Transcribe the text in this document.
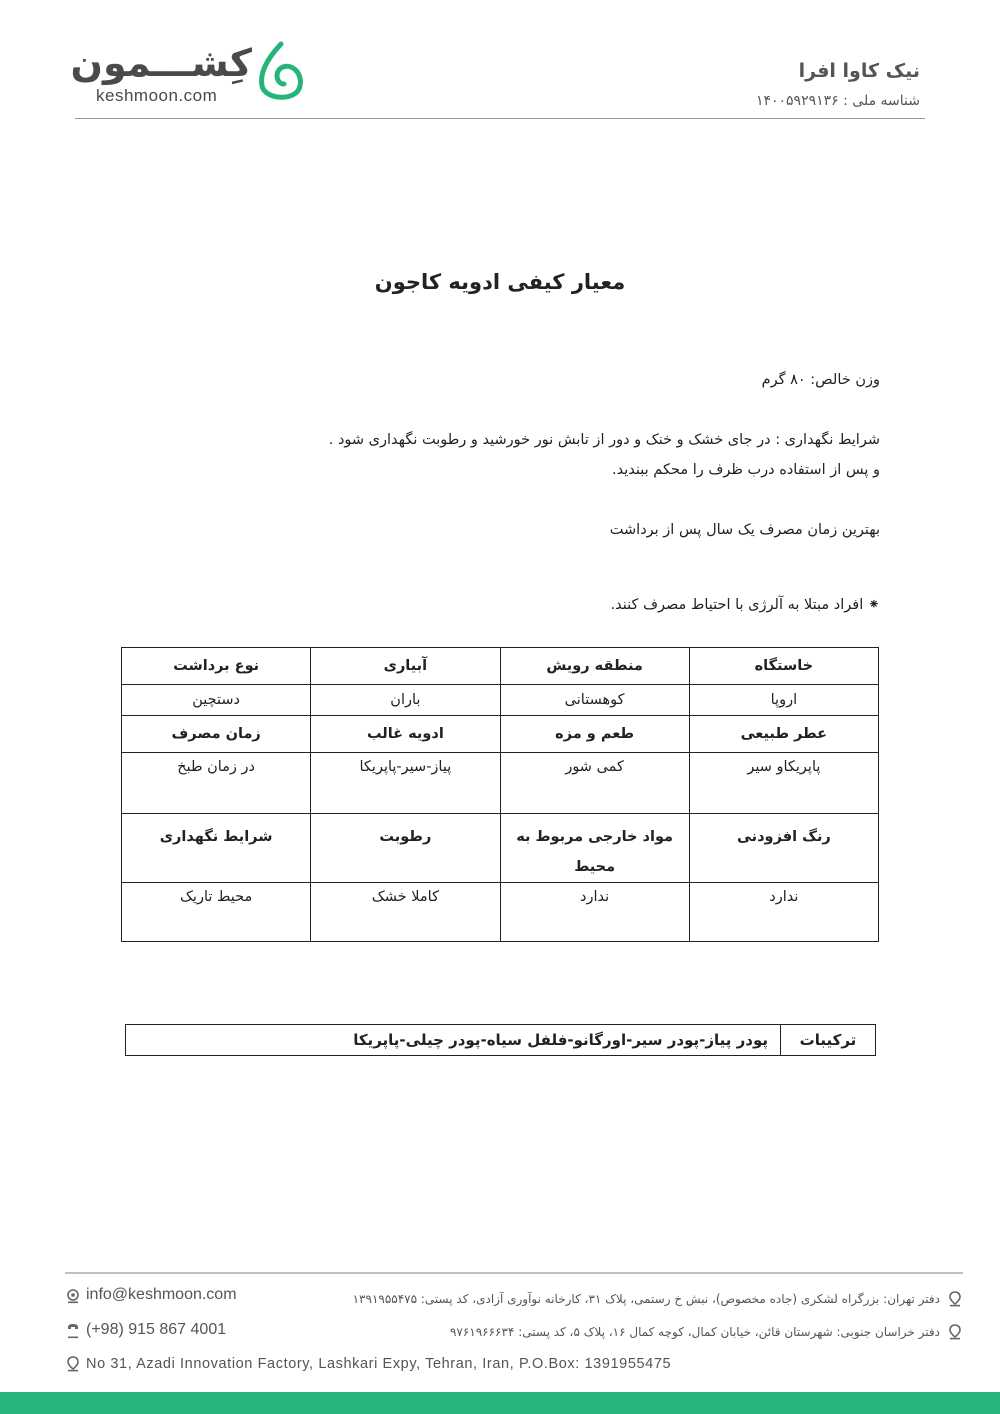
کِشـــمون
keshmoon.com
نیک کاوا افرا
شناسه ملی : ۱۴۰۰۵۹۲۹۱۳۶
معیار کیفی ادویه کاجون
وزن خالص: ۸۰ گرم
شرایط نگهداری : در جای خشک و خنک و دور از تابش نور خورشید و رطوبت نگهداری شود .
و پس از استفاده درب ظرف را محکم ببندید.
بهترین زمان مصرف یک سال پس از برداشت
⁕ افراد مبتلا به آلرژی با احتیاط مصرف کنند.
خاستگاه	منطقه رویش	آبیاری	نوع برداشت
اروپا	کوهستانی	باران	دستچین
عطر طبیعی	طعم و مزه	ادویه غالب	زمان مصرف
پاپریکاو سیر	کمی شور	پیاز-سیر-پاپریکا	در زمان طبخ
رنگ افزودنی	مواد خارجی مربوط به محیط	رطوبت	شرایط نگهداری
ندارد	ندارد	کاملا خشک	محیط تاریک
ترکیبات	پودر پیاز-پودر سیر-اورگانو-فلفل سیاه-پودر چیلی-پاپریکا
info@keshmoon.com
(+98) 915 867 4001
No 31, Azadi Innovation Factory, Lashkari Expy, Tehran, Iran, P.O.Box: 1391955475
دفتر تهران: بزرگراه لشکری (جاده مخصوص)، نبش خ رستمی، پلاک ۳۱، کارخانه نوآوری آزادی، کد پستی: ۱۳۹۱۹۵۵۴۷۵
دفتر خراسان جنوبی: شهرستان قائن، خیابان کمال، کوچه کمال ۱۶، پلاک ۵، کد پستی: ۹۷۶۱۹۶۶۶۳۴
